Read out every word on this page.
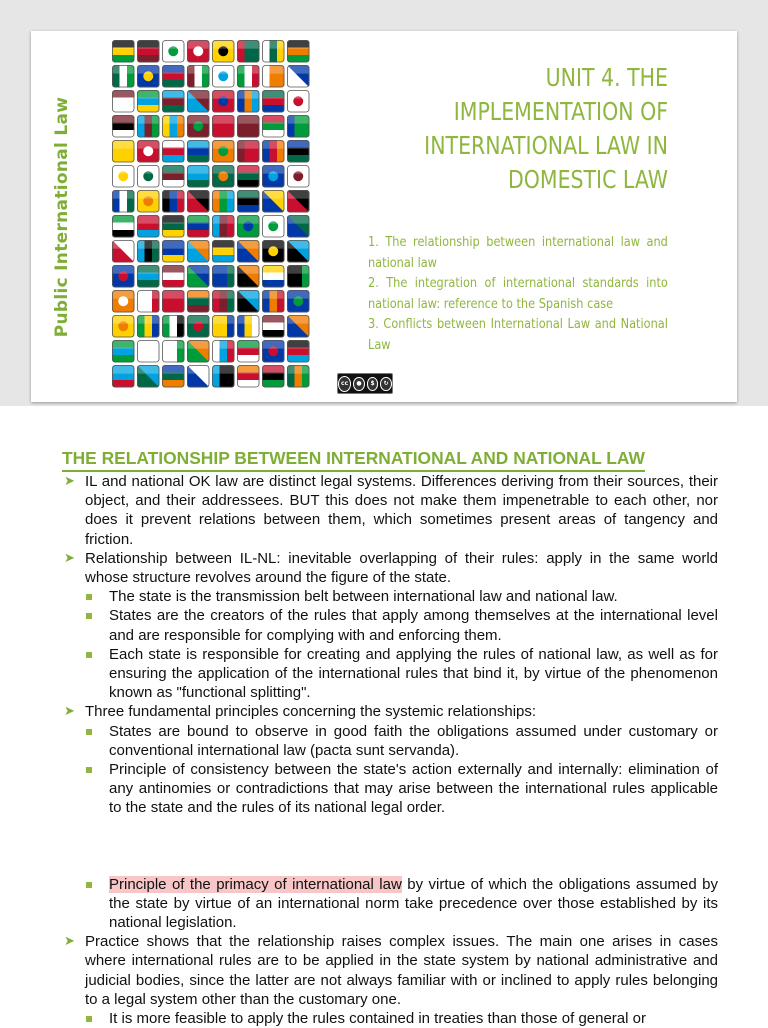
Public International Law
UNIT 4. THE
IMPLEMENTATION OF
INTERNATIONAL LAW IN
DOMESTIC LAW
1. The relationship between international law and national law
2. The integration of international standards into national law: reference to the Spanish case
3. Conflicts between International Law and National Law
cc	●	$	↻
THE RELATIONSHIP BETWEEN INTERNATIONAL AND NATIONAL LAW
➤ IL and national OK law are distinct legal systems. Differences deriving from their sources, their object, and their addressees. BUT this does not make them impenetrable to each other, nor does it prevent relations between them, which sometimes present areas of tangency and friction.
➤ Relationship between IL-NL: inevitable overlapping of their rules: apply in the same world whose structure revolves around the figure of the state.
The state is the transmission belt between international law and national law.
States are the creators of the rules that apply among themselves at the international level and are responsible for complying with and enforcing them.
Each state is responsible for creating and applying the rules of national law, as well as for ensuring the application of the international rules that bind it, by virtue of the phenomenon known as "functional splitting".
➤ Three fundamental principles concerning the systemic relationships:
States are bound to observe in good faith the obligations assumed under customary or conventional international law (pacta sunt servanda).
Principle of consistency between the state's action externally and internally: elimination of any antinomies or contradictions that may arise between the international rules applicable to the state and the rules of its national legal order.
Principle of the primacy of international law by virtue of which the obligations assumed by the state by virtue of an international norm take precedence over those established by its national legislation.
➤ Practice shows that the relationship raises complex issues. The main one arises in cases where international rules are to be applied in the state system by national administrative and judicial bodies, since the latter are not always familiar with or inclined to apply rules belonging to a legal system other than the customary one.
It is more feasible to apply the rules contained in treaties than those of general or
